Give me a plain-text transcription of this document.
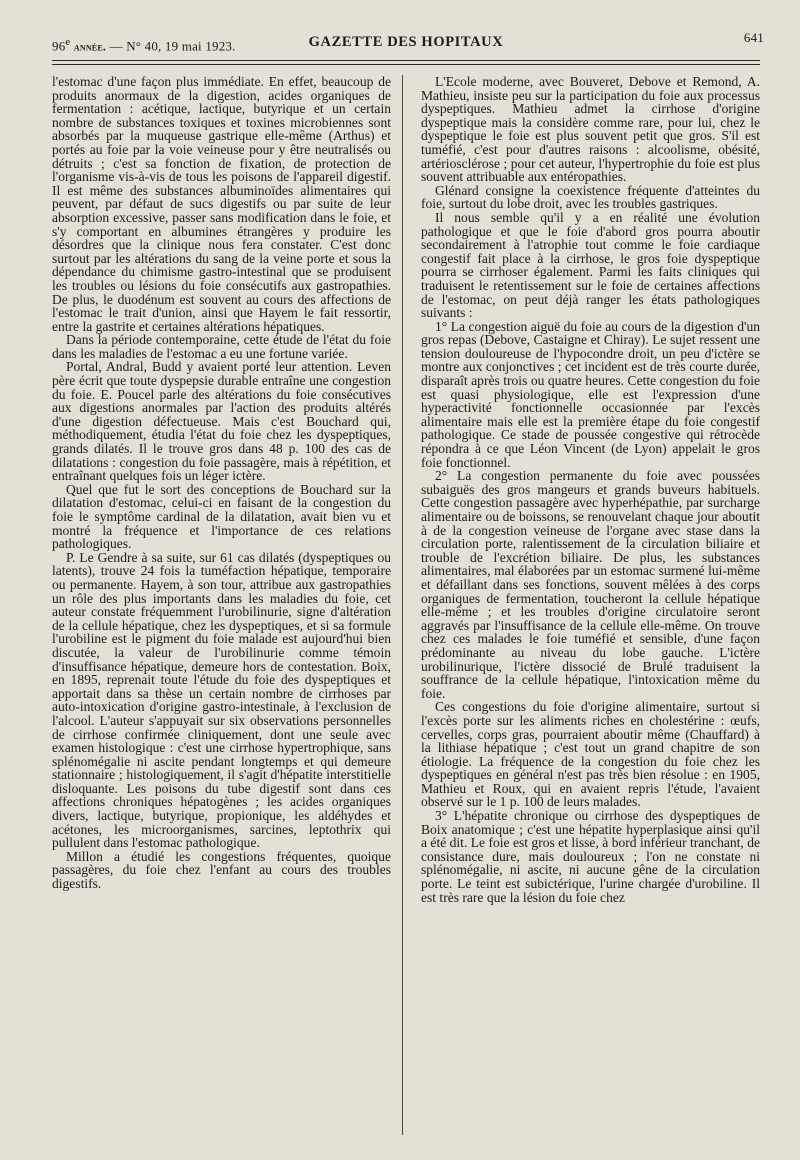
96e année. — N° 40, 19 mai 1923.	GAZETTE DES HOPITAUX	641

l'estomac d'une façon plus immédiate. En effet, beaucoup de produits anormaux de la digestion, acides organiques de fermentation : acétique, lactique, butyrique et un certain nombre de substances toxiques et toxines microbiennes sont absorbés par la muqueuse gastrique elle-même (Arthus) et portés au foie par la voie veineuse pour y être neutralisés ou détruits ; c'est sa fonction de fixation, de protection de l'organisme vis-à-vis de tous les poisons de l'appareil digestif. Il est même des substances albuminoïdes alimentaires qui peuvent, par défaut de sucs digestifs ou par suite de leur absorption excessive, passer sans modification dans le foie, et s'y comportant en albumines étrangères y produire les désordres que la clinique nous fera constater. C'est donc surtout par les altérations du sang de la veine porte et sous la dépendance du chimisme gastro-intestinal que se produisent les troubles ou lésions du foie consécutifs aux gastropathies. De plus, le duodénum est souvent au cours des affections de l'estomac le trait d'union, ainsi que Hayem le fait ressortir, entre la gastrite et certaines altérations hépatiques.

Dans la période contemporaine, cette étude de l'état du foie dans les maladies de l'estomac a eu une fortune variée.

Portal, Andral, Budd y avaient porté leur attention. Leven père écrit que toute dyspepsie durable entraîne une congestion du foie. E. Poucel parle des altérations du foie consécutives aux digestions anormales par l'action des produits altérés d'une digestion défectueuse. Mais c'est Bouchard qui, méthodiquement, étudia l'état du foie chez les dyspeptiques, grands dilatés. Il le trouve gros dans 48 p. 100 des cas de dilatations : congestion du foie passagère, mais à répétition, et entraînant quelques fois un léger ictère.

Quel que fut le sort des conceptions de Bouchard sur la dilatation d'estomac, celui-ci en faisant de la congestion du foie le symptôme cardinal de la dilatation, avait bien vu et montré la fréquence et l'importance de ces relations pathologiques.

P. Le Gendre à sa suite, sur 61 cas dilatés (dyspeptiques ou latents), trouve 24 fois la tuméfaction hépatique, temporaire ou permanente. Hayem, à son tour, attribue aux gastropathies un rôle des plus importants dans les maladies du foie, cet auteur constate fréquemment l'urobilinurie, signe d'altération de la cellule hépatique, chez les dyspeptiques, et si sa formule l'urobiline est le pigment du foie malade est aujourd'hui bien discutée, la valeur de l'urobilinurie comme témoin d'insuffisance hépatique, demeure hors de contestation. Boix, en 1895, reprenait toute l'étude du foie des dyspeptiques et apportait dans sa thèse un certain nombre de cirrhoses par auto-intoxication d'origine gastro-intestinale, à l'exclusion de l'alcool. L'auteur s'appuyait sur six observations personnelles de cirrhose confirmée cliniquement, dont une seule avec examen histologique : c'est une cirrhose hypertrophique, sans splénomégalie ni ascite pendant longtemps et qui demeure stationnaire ; histologiquement, il s'agit d'hépatite interstitielle disloquante. Les poisons du tube digestif sont dans ces affections chroniques hépatogènes ; les acides organiques divers, lactique, butyrique, propionique, les aldéhydes et acétones, les microorganismes, sarcines, leptothrix qui pullulent dans l'estomac pathologique.

Millon a étudié les congestions fréquentes, quoique passagères, du foie chez l'enfant au cours des troubles digestifs.

L'Ecole moderne, avec Bouveret, Debove et Remond, A. Mathieu, insiste peu sur la participation du foie aux processus dyspeptiques. Mathieu admet la cirrhose d'origine dyspeptique mais la considère comme rare, pour lui, chez le dyspeptique le foie est plus souvent petit que gros. S'il est tuméfié, c'est pour d'autres raisons : alcoolisme, obésité, artériosclérose ; pour cet auteur, l'hypertrophie du foie est plus souvent attribuable aux entéropathies.

Glénard consigne la coexistence fréquente d'atteintes du foie, surtout du lobe droit, avec les troubles gastriques.

Il nous semble qu'il y a en réalité une évolution pathologique et que le foie d'abord gros pourra aboutir secondairement à l'atrophie tout comme le foie cardiaque congestif fait place à la cirrhose, le gros foie dyspeptique pourra se cirrhoser également. Parmi les faits cliniques qui traduisent le retentissement sur le foie de certaines affections de l'estomac, on peut déjà ranger les états pathologiques suivants :

1° La congestion aiguë du foie au cours de la digestion d'un gros repas (Debove, Castaigne et Chiray). Le sujet ressent une tension douloureuse de l'hypocondre droit, un peu d'ictère se montre aux conjonctives ; cet incident est de très courte durée, disparaît après trois ou quatre heures. Cette congestion du foie est quasi physiologique, elle est l'expression d'une hyperactivité fonctionnelle occasionnée par l'excès alimentaire mais elle est la première étape du foie congestif pathologique. Ce stade de poussée congestive qui rétrocède répondra à ce que Léon Vincent (de Lyon) appelait le gros foie fonctionnel.

2° La congestion permanente du foie avec poussées subaiguës des gros mangeurs et grands buveurs habituels. Cette congestion passagère avec hyperhépathie, par surcharge alimentaire ou de boissons, se renouvelant chaque jour aboutit à de la congestion veineuse de l'organe avec stase dans la circulation porte, ralentissement de la circulation biliaire et trouble de l'excrétion biliaire. De plus, les substances alimentaires, mal élaborées par un estomac surmené lui-même et défaillant dans ses fonctions, souvent mêlées à des corps organiques de fermentation, toucheront la cellule hépatique elle-même ; et les troubles d'origine circulatoire seront aggravés par l'insuffisance de la cellule elle-même. On trouve chez ces malades le foie tuméfié et sensible, d'une façon prédominante au niveau du lobe gauche. L'ictère urobilinurique, l'ictère dissocié de Brulé traduisent la souffrance de la cellule hépatique, l'intoxication même du foie.

Ces congestions du foie d'origine alimentaire, surtout si l'excès porte sur les aliments riches en cholestérine : œufs, cervelles, corps gras, pourraient aboutir même (Chauffard) à la lithiase hépatique ; c'est tout un grand chapitre de son étiologie. La fréquence de la congestion du foie chez les dyspeptiques en général n'est pas très bien résolue : en 1905, Mathieu et Roux, qui en avaient repris l'étude, l'avaient observé sur le 1 p. 100 de leurs malades.

3° L'hépatite chronique ou cirrhose des dyspeptiques de Boix anatomique ; c'est une hépatite hyperplasique ainsi qu'il a été dit. Le foie est gros et lisse, à bord inférieur tranchant, de consistance dure, mais douloureux ; l'on ne constate ni splénomégalie, ni ascite, ni aucune gêne de la circulation porte. Le teint est subictérique, l'urine chargée d'urobiline. Il est très rare que la lésion du foie chez
